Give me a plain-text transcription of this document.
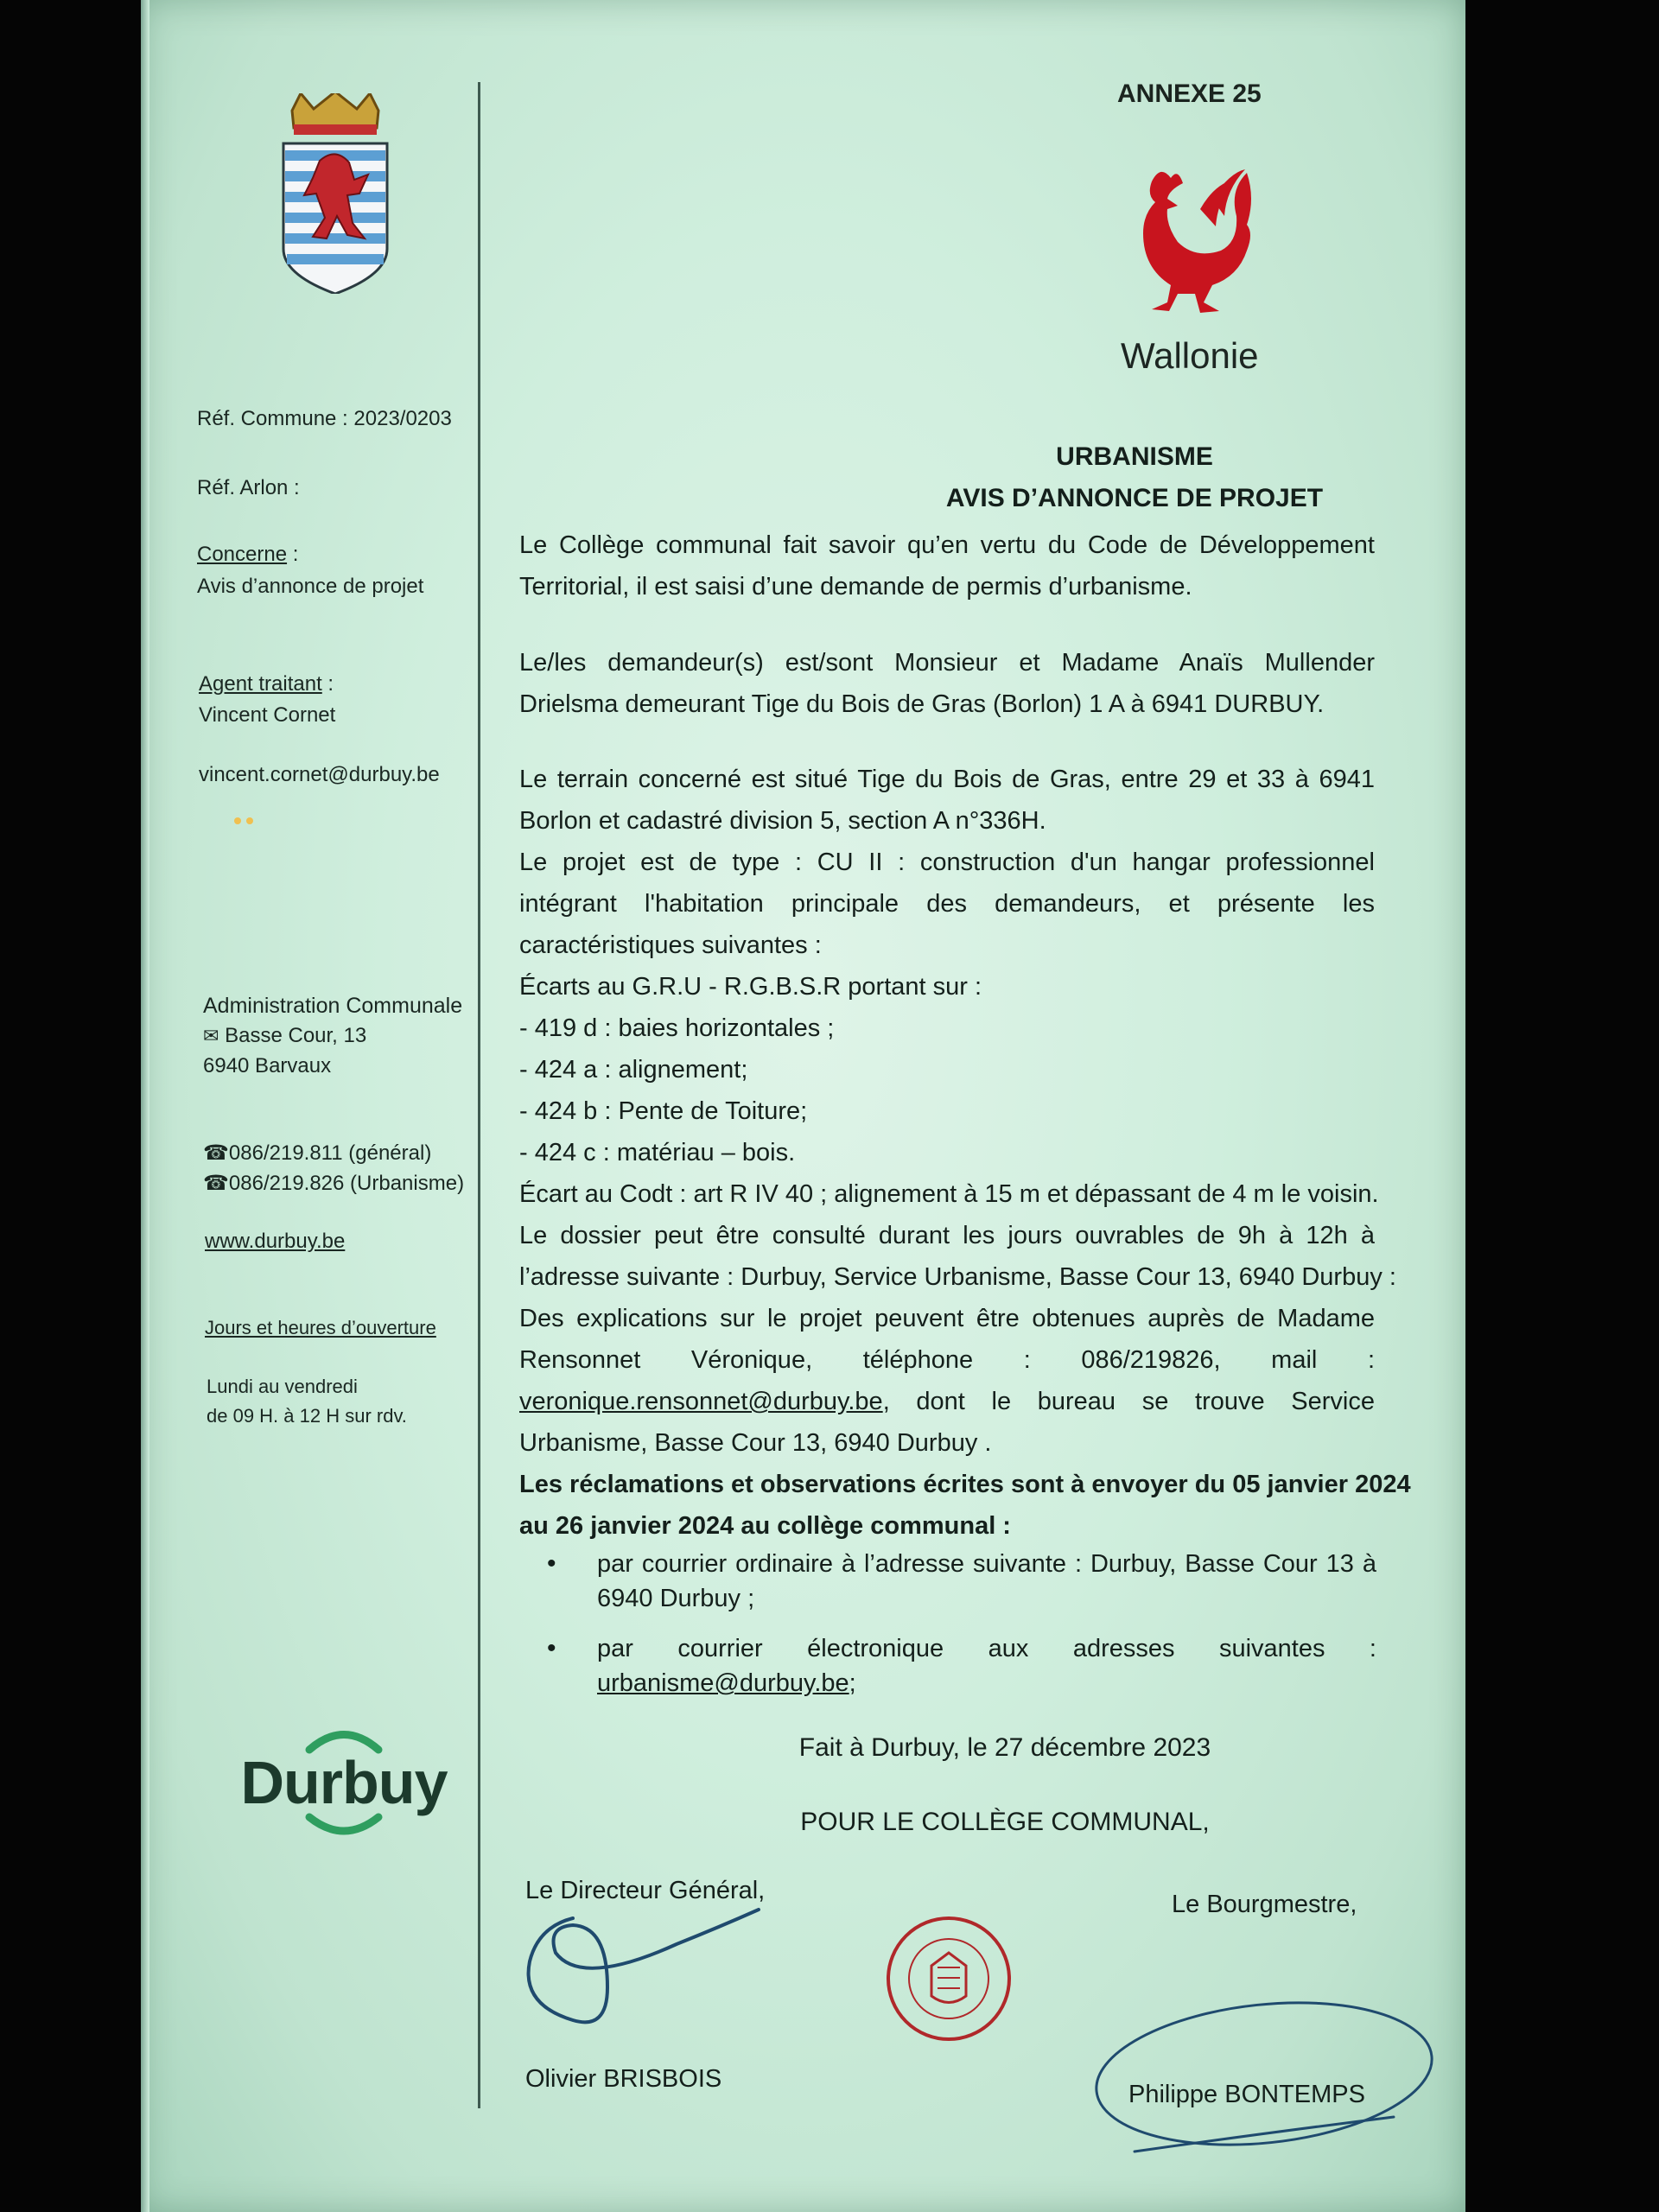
Réf. Commune : 2023/0203
Réf. Arlon :
Concerne :
Avis d’annonce de projet
Agent traitant :
Vincent Cornet
vincent.cornet@durbuy.be
Administration Communale
✉ Basse Cour, 13
6940 Barvaux
☎086/219.811 (général)
☎086/219.826 (Urbanisme)
www.durbuy.be
Jours et heures d’ouverture
Lundi au vendredi
de 09 H. à 12 H sur rdv.
Durbuy
ANNEXE 25
Wallonie
URBANISME
AVIS D’ANNONCE DE PROJET
Le Collège communal fait savoir qu’en vertu du Code de Développement
Territorial, il est saisi d’une demande de permis d’urbanisme.
Le/les demandeur(s) est/sont Monsieur et Madame Anaïs Mullender
Drielsma demeurant Tige du Bois de Gras (Borlon) 1 A à 6941 DURBUY.
Le terrain concerné est situé Tige du Bois de Gras, entre 29 et 33 à 6941
Borlon et cadastré division 5, section A n°336H.
Le projet est de type : CU II : construction d'un hangar professionnel
intégrant l'habitation principale des demandeurs, et présente les
caractéristiques suivantes :
Écarts au G.R.U - R.G.B.S.R portant sur :
- 419 d : baies horizontales ;
- 424 a : alignement;
- 424 b : Pente de Toiture;
- 424 c : matériau – bois.
Écart au Codt : art R IV 40 ; alignement à 15 m et dépassant de 4 m le voisin.
Le dossier peut être consulté durant les jours ouvrables de 9h à 12h à
l’adresse suivante : Durbuy, Service Urbanisme, Basse Cour 13, 6940 Durbuy :
Des explications sur le projet peuvent être obtenues auprès de Madame
Rensonnet Véronique, téléphone : 086/219826, mail :
veronique.rensonnet@durbuy.be, dont le bureau se trouve Service
Urbanisme, Basse Cour 13, 6940 Durbuy .
Les réclamations et observations écrites sont à envoyer du 05 janvier 2024
au 26 janvier 2024 au collège communal :
• par courrier ordinaire à l’adresse suivante : Durbuy, Basse Cour 13 à
6940 Durbuy ;
• par courrier électronique aux adresses suivantes :
urbanisme@durbuy.be;
Fait à Durbuy, le 27 décembre 2023
POUR LE COLLÈGE COMMUNAL,
Le Directeur Général,	Le Bourgmestre,
Olivier BRISBOIS
Philippe BONTEMPS
